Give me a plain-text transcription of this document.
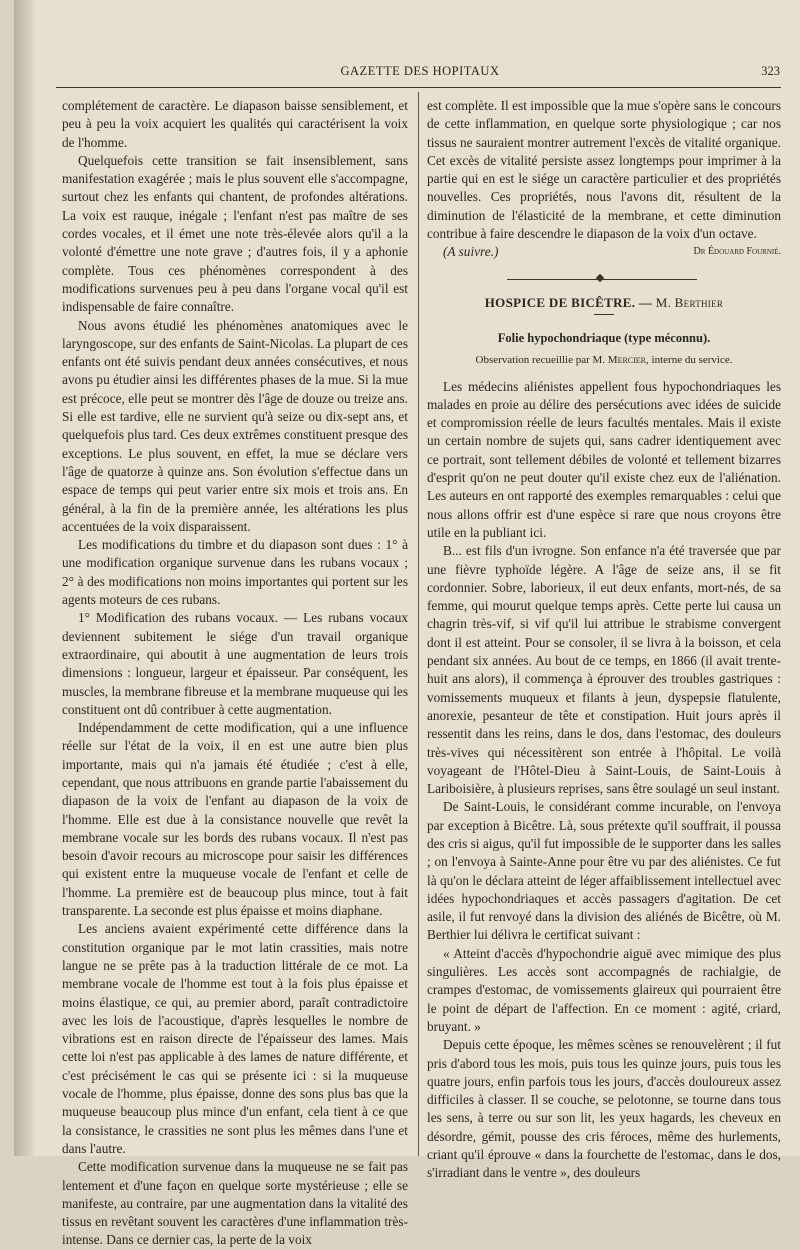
GAZETTE DES HOPITAUX	323

complétement de caractère. Le diapason baisse sensiblement, et peu à peu la voix acquiert les qualités qui caractérisent la voix de l'homme.

Quelquefois cette transition se fait insensiblement, sans manifestation exagérée ; mais le plus souvent elle s'accompagne, surtout chez les enfants qui chantent, de profondes altérations. La voix est rauque, inégale ; l'enfant n'est pas maître de ses cordes vocales, et il émet une note très-élevée alors qu'il a la volonté d'émettre une note grave ; d'autres fois, il y a aphonie complète. Tous ces phénomènes correspondent à des modifications survenues peu à peu dans l'organe vocal qu'il est indispensable de faire connaître.

Nous avons étudié les phénomènes anatomiques avec le laryngoscope, sur des enfants de Saint-Nicolas. La plupart de ces enfants ont été suivis pendant deux années consécutives, et nous avons pu étudier ainsi les différentes phases de la mue. Si la mue est précoce, elle peut se montrer dès l'âge de douze ou treize ans. Si elle est tardive, elle ne survient qu'à seize ou dix-sept ans, et quelquefois plus tard. Ces deux extrêmes constituent presque des exceptions. Le plus souvent, en effet, la mue se déclare vers l'âge de quatorze à quinze ans. Son évolution s'effectue dans un espace de temps qui peut varier entre six mois et trois ans. En général, à la fin de la première année, les altérations les plus accentuées de la voix disparaissent.

Les modifications du timbre et du diapason sont dues : 1° à une modification organique survenue dans les rubans vocaux ; 2° à des modifications non moins importantes qui portent sur les agents moteurs de ces rubans.

1° Modification des rubans vocaux. — Les rubans vocaux deviennent subitement le siége d'un travail organique extraordinaire, qui aboutit à une augmentation de leurs trois dimensions : longueur, largeur et épaisseur. Par conséquent, les muscles, la membrane fibreuse et la membrane muqueuse qui les constituent ont dû contribuer à cette augmentation.

Indépendamment de cette modification, qui a une influence réelle sur l'état de la voix, il en est une autre bien plus importante, mais qui n'a jamais été étudiée ; c'est à elle, cependant, que nous attribuons en grande partie l'abaissement du diapason de la voix de l'enfant au diapason de la voix de l'homme. Elle est due à la consistance nouvelle que revêt la membrane vocale sur les bords des rubans vocaux. Il n'est pas besoin d'avoir recours au microscope pour saisir les différences qui existent entre la muqueuse vocale de l'enfant et celle de l'homme. La première est de beaucoup plus mince, tout à fait transparente. La seconde est plus épaisse et moins diaphane.

Les anciens avaient expérimenté cette différence dans la constitution organique par le mot latin crassities, mais notre langue ne se prête pas à la traduction littérale de ce mot. La membrane vocale de l'homme est tout à la fois plus épaisse et moins élastique, ce qui, au premier abord, paraît contradictoire avec les lois de l'acoustique, d'après lesquelles le nombre de vibrations est en raison directe de l'épaisseur des lames. Mais cette loi n'est pas applicable à des lames de nature différente, et c'est précisément le cas qui se présente ici : si la muqueuse vocale de l'homme, plus épaisse, donne des sons plus bas que la muqueuse beaucoup plus mince d'un enfant, cela tient à ce que la consistance, le crassities ne sont plus les mêmes dans l'une et dans l'autre.

Cette modification survenue dans la muqueuse ne se fait pas lentement et d'une façon en quelque sorte mystérieuse ; elle se manifeste, au contraire, par une augmentation dans la vitalité des tissus en revêtant souvent les caractères d'une inflammation très-intense. Dans ce dernier cas, la perte de la voix

est complète. Il est impossible que la mue s'opère sans le concours de cette inflammation, en quelque sorte physiologique ; car nos tissus ne sauraient montrer autrement l'excès de vitalité organique. Cet excès de vitalité persiste assez longtemps pour imprimer à la partie qui en est le siége un caractère particulier et des propriétés nouvelles. Ces propriétés, nous l'avons dit, résultent de la diminution de l'élasticité de la membrane, et cette diminution contribue à faire descendre le diapason de la voix d'un octave.
Dr Édouard Fournié.

(A suivre.)

HOSPICE DE BICÊTRE. — M. Berthier
Folie hypochondriaque (type méconnu).
Observation recueillie par M. Mercier, interne du service.

Les médecins aliénistes appellent fous hypochondriaques les malades en proie au délire des persécutions avec idées de suicide et compromission réelle de leurs facultés mentales. Mais il existe un certain nombre de sujets qui, sans cadrer identiquement avec ce portrait, sont tellement débiles de volonté et tellement bizarres d'esprit qu'on ne peut douter qu'il existe chez eux de l'aliénation. Les auteurs en ont rapporté des exemples remarquables : celui que nous allons offrir est d'une espèce si rare que nous croyons être utile en la publiant ici.

B... est fils d'un ivrogne. Son enfance n'a été traversée que par une fièvre typhoïde légère. A l'âge de seize ans, il se fit cordonnier. Sobre, laborieux, il eut deux enfants, mort-nés, de sa femme, qui mourut quelque temps après. Cette perte lui causa un chagrin très-vif, si vif qu'il lui attribue le strabisme convergent dont il est atteint. Pour se consoler, il se livra à la boisson, et cela pendant six années. Au bout de ce temps, en 1866 (il avait trente-huit ans alors), il commença à éprouver des troubles gastriques : vomissements muqueux et filants à jeun, dyspepsie flatulente, anorexie, pesanteur de tête et constipation. Huit jours après il ressentit dans les reins, dans le dos, dans l'estomac, des douleurs très-vives qui nécessitèrent son entrée à l'hôpital. Le voilà voyageant de l'Hôtel-Dieu à Saint-Louis, de Saint-Louis à Lariboisière, à plusieurs reprises, sans être soulagé un seul instant.

De Saint-Louis, le considérant comme incurable, on l'envoya par exception à Bicêtre. Là, sous prétexte qu'il souffrait, il poussa des cris si aigus, qu'il fut impossible de le supporter dans les salles ; on l'envoya à Sainte-Anne pour être vu par des aliénistes. Ce fut là qu'on le déclara atteint de léger affaiblissement intellectuel avec idées hypochondriaques et accès passagers d'agitation. De cet asile, il fut renvoyé dans la division des aliénés de Bicêtre, où M. Berthier lui délivra le certificat suivant :

« Atteint d'accès d'hypochondrie aiguë avec mimique des plus singulières. Les accès sont accompagnés de rachialgie, de crampes d'estomac, de vomissements glaireux qui pourraient être le point de départ de l'affection. En ce moment : agité, criard, bruyant. »

Depuis cette époque, les mêmes scènes se renouvelèrent ; il fut pris d'abord tous les mois, puis tous les quinze jours, puis tous les quatre jours, enfin parfois tous les jours, d'accès douloureux assez difficiles à classer. Il se couche, se pelotonne, se tourne dans tous les sens, à terre ou sur son lit, les yeux hagards, les cheveux en désordre, gémit, pousse des cris féroces, même des hurlements, criant qu'il éprouve « dans la fourchette de l'estomac, dans le dos, s'irradiant dans le ventre », des douleurs
